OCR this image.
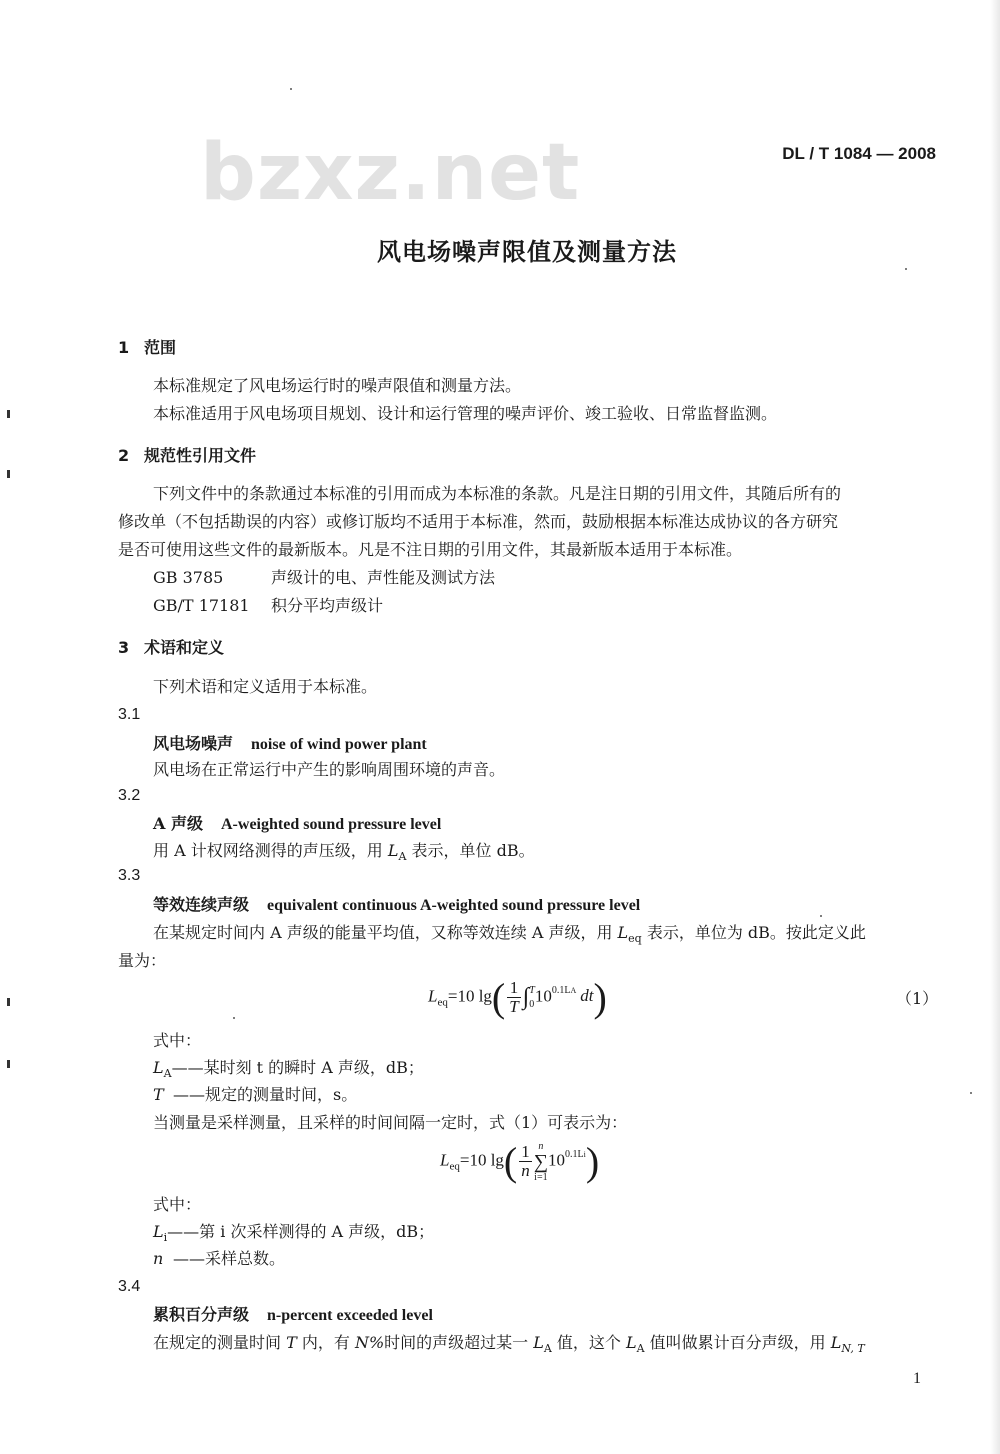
bzxz.net	DL / T 1084 — 2008
风电场噪声限值及测量方法
1 范围
本标准规定了风电场运行时的噪声限值和测量方法。
本标准适用于风电场项目规划、设计和运行管理的噪声评价、竣工验收、日常监督监测。
2 规范性引用文件
下列文件中的条款通过本标准的引用而成为本标准的条款。凡是注日期的引用文件，其随后所有的
修改单（不包括勘误的内容）或修订版均不适用于本标准，然而，鼓励根据本标准达成协议的各方研究
是否可使用这些文件的最新版本。凡是不注日期的引用文件，其最新版本适用于本标准。
GB 3785	声级计的电、声性能及测试方法
GB/T 17181 积分平均声级计
3 术语和定义
下列术语和定义适用于本标准。
3.1
风电场噪声 noise of wind power plant
风电场在正常运行中产生的影响周围环境的声音。
3.2
A 声级 A-weighted sound pressure level
用 A 计权网络测得的声压级，用 $L_A$ 表示，单位 dB。
3.3
等效连续声级 equivalent continuous A-weighted sound pressure level
在某规定时间内 A 声级的能量平均值，又称等效连续 A 声级，用 $L_{eq}$ 表示，单位为 dB。按此定义此
量为：
$L_{eq}=10$ $\lg( \frac{1}{T}$ ∫ T
0 $10^{0.1LA}$ dt)	（1）
式中：
$L_A——$某时刻 t 的瞬时 A 声级，dB；
T ——规定的测量时间，s。
当测量是采样测量，且采样的时间间隔一定时，式（1）可表示为：
$L_{eq}=10$ $\lg( \frac{1}{n}$ n
∑
i=1
$10^{0.1Li}$)
式中：
$L_i——$第 i 次采样测得的 A 声级，dB；
n ——采样总数。
3.4
累积百分声级 n-percent exceeded level
在规定的测量时间 T 内，有 N%时间的声级超过某一 $L_A$ 值，这个 $L_A$ 值叫做累计百分声级，用 $L_{N, T}$
1
